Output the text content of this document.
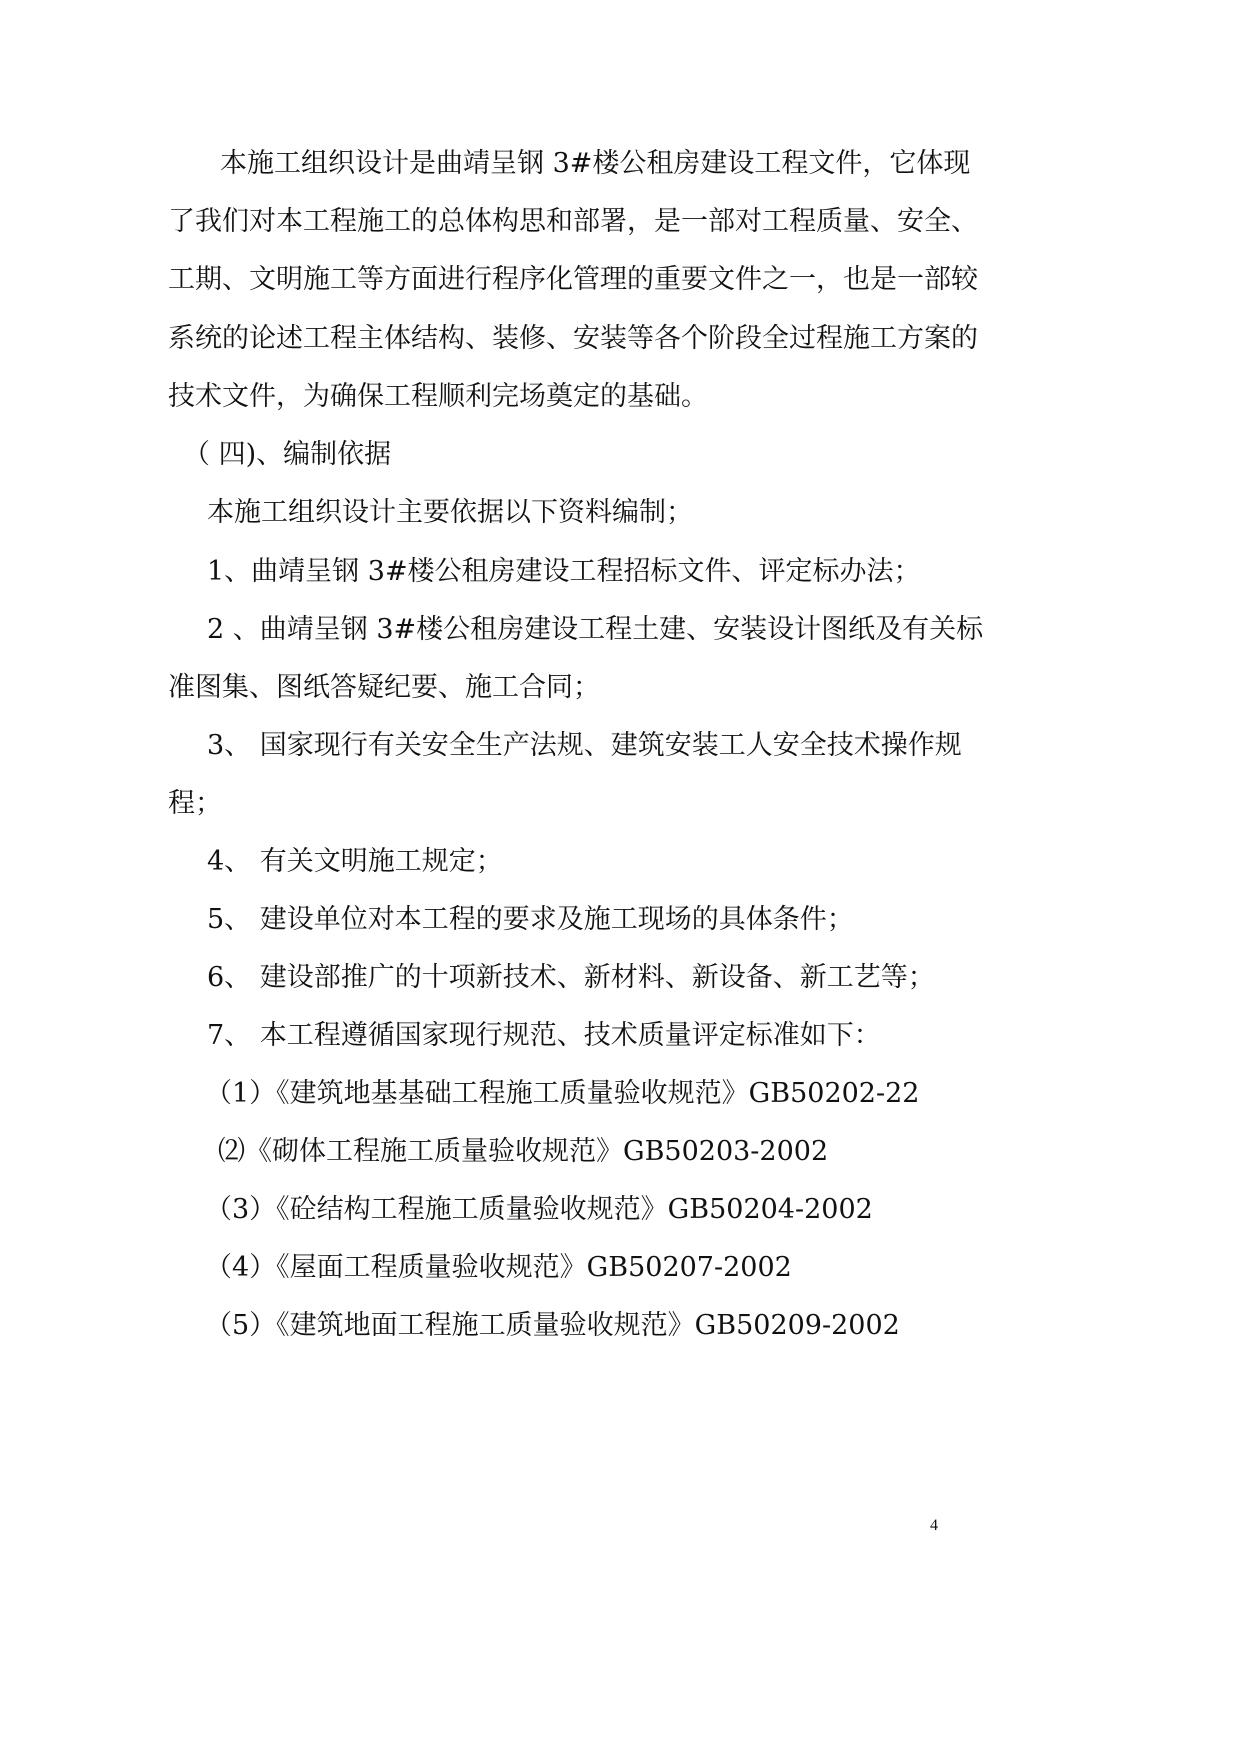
本施工组织设计是曲靖呈钢 3#楼公租房建设工程文件，它体现
了我们对本工程施工的总体构思和部署，是一部对工程质量、安全、
工期、文明施工等方面进行程序化管理的重要文件之一，也是一部较
系统的论述工程主体结构、装修、安装等各个阶段全过程施工方案的
技术文件，为确保工程顺利完场奠定的基础。
（ 四)、编制依据
本施工组织设计主要依据以下资料编制；
1、曲靖呈钢 3#楼公租房建设工程招标文件、评定标办法；
2 、曲靖呈钢 3#楼公租房建设工程土建、安装设计图纸及有关标
准图集、图纸答疑纪要、施工合同；
3、 国家现行有关安全生产法规、建筑安装工人安全技术操作规
程；
4、 有关文明施工规定；
5、 建设单位对本工程的要求及施工现场的具体条件；
6、 建设部推广的十项新技术、新材料、新设备、新工艺等；
7、 本工程遵循国家现行规范、技术质量评定标准如下：
（1）《建筑地基基础工程施工质量验收规范》GB50202-22
⑵《砌体工程施工质量验收规范》GB50203-2002
（3）《砼结构工程施工质量验收规范》GB50204-2002
（4）《屋面工程质量验收规范》GB50207-2002
（5）《建筑地面工程施工质量验收规范》GB50209-2002
4
